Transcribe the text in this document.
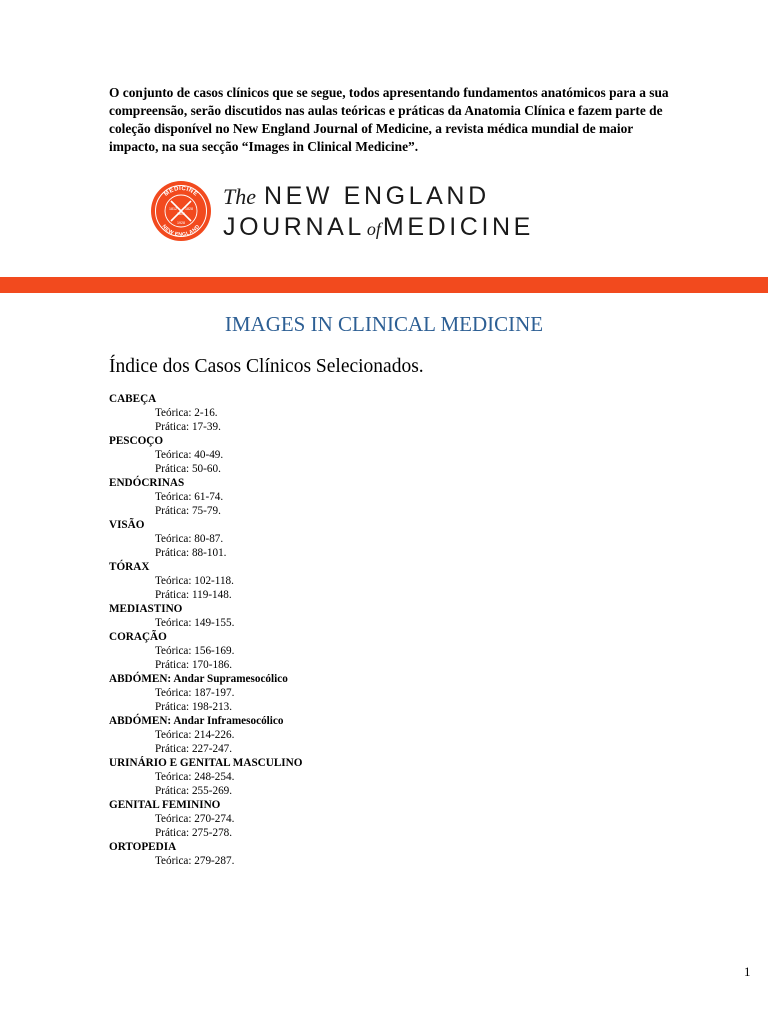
O conjunto de casos clínicos que se segue, todos apresentando fundamentos anatómicos para a sua compreensão, serão discutidos nas aulas teóricas e práticas da Anatomia Clínica e fazem parte de coleção disponível no New England Journal of Medicine, a revista médica mundial de maior impacto, na sua secção “Images in Clinical Medicine”.

MEDICINE
NEW ENGLAND
1812 1828
1805
1928
The NEW ENGLAND
JOURNAL ofMEDICINE
IMAGES IN CLINICAL MEDICINE
Índice dos Casos Clínicos Selecionados.
CABEÇA
Teórica: 2-16.
Prática: 17-39.
PESCOÇO
Teórica: 40-49.
Prática: 50-60.
ENDÓCRINAS
Teórica: 61-74.
Prática: 75-79.
VISÃO
Teórica: 80-87.
Prática: 88-101.
TÓRAX
Teórica: 102-118.
Prática: 119-148.
MEDIASTINO
Teórica: 149-155.
CORAÇÃO
Teórica: 156-169.
Prática: 170-186.
ABDÓMEN: Andar Supramesocólico
Teórica: 187-197.
Prática: 198-213.
ABDÓMEN: Andar Inframesocólico
Teórica: 214-226.
Prática: 227-247.
URINÁRIO E GENITAL MASCULINO
Teórica: 248-254.
Prática: 255-269.
GENITAL FEMININO
Teórica: 270-274.
Prática: 275-278.
ORTOPEDIA
Teórica: 279-287.
1
